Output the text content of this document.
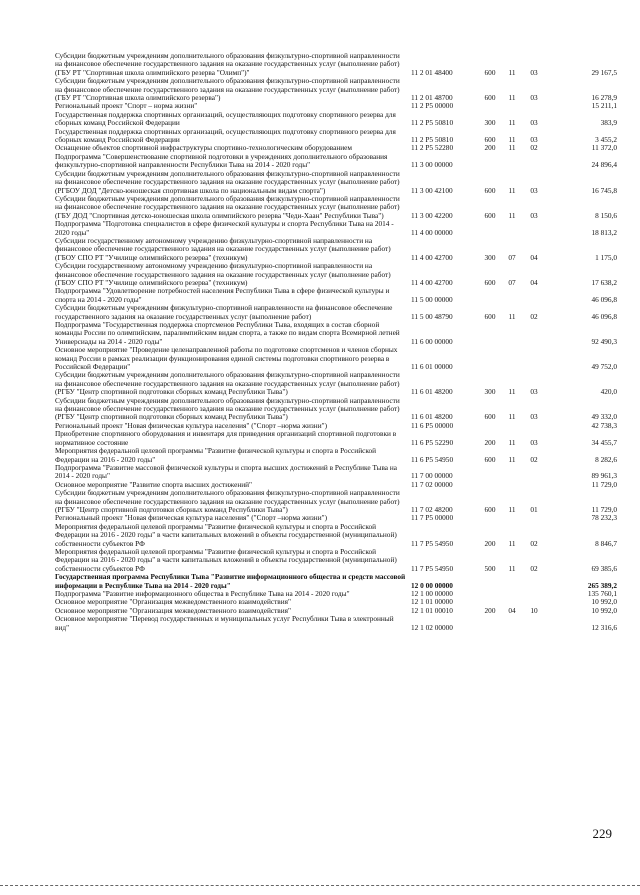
Субсидии бюджетным учреждениям дополнительного образования физкультурно-спортивной направленности на финансовое обеспечение государственного задания на оказание государственных услуг (выполнение работ) (ГБУ РТ "Спортивная школа олимпийского резерва "Олимп")"	11 2 01 48400	600	11	03	29 167,5
Субсидии бюджетным учреждениям дополнительного образования физкультурно-спортивной направленности на финансовое обеспечение государственного задания на оказание государственных услуг (выполнение работ) (ГБУ РТ "Спортивная школа олимпийского резерва")	11 2 01 48700	600	11	03	16 278,9
Региональный проект "Спорт – норма жизни"	11 2 P5 00000				15 211,1
Государственная поддержка спортивных организаций, осуществляющих подготовку спортивного резерва для сборных команд Российской Федерации	11 2 P5 50810	300	11	03	383,9
Государственная поддержка спортивных организаций, осуществляющих подготовку спортивного резерва для сборных команд Российской Федерации	11 2 P5 50810	600	11	03	3 455,2
Оснащение объектов спортивной инфраструктуры спортивно-технологическим оборудованием	11 2 P5 52280	200	11	02	11 372,0
Подпрограмма "Совершенствование спортивной подготовки в учреждениях дополнительного образования физкультурно-спортивной направленности Республики Тыва на 2014 - 2020 годы"	11 3 00 00000				24 896,4
Субсидии бюджетным учреждениям дополнительного образования физкультурно-спортивной направленности на финансовое обеспечение государственного задания на оказание государственных услуг (выполнение работ) (РГБОУ ДОД "Детско-юношеская спортивная школа по национальным видам спорта")	11 3 00 42100	600	11	03	16 745,8
Субсидии бюджетным учреждениям дополнительного образования физкультурно-спортивной направленности на финансовое обеспечение государственного задания на оказание государственных услуг (выполнение работ) (ГБУ ДОД "Спортивная детско-юношеская школа олимпийского резерва "Чеди-Хаан" Республики Тыва")	11 3 00 42200	600	11	03	8 150,6
Подпрограмма "Подготовка специалистов в сфере физической культуры и спорта Республики Тыва на 2014 - 2020 годы"	11 4 00 00000				18 813,2
Субсидии государственному автономному учреждению физкультурно-спортивной направленности на финансовое обеспечение государственного задания на оказание государственных услуг (выполнение работ) (ГБОУ СПО РТ "Училище олимпийского резерва" (техникум)	11 4 00 42700	300	07	04	1 175,0
Субсидии государственному автономному учреждению физкультурно-спортивной направленности на финансовое обеспечение государственного задания на оказание государственных услуг (выполнение работ) (ГБОУ СПО РТ "Училище олимпийского резерва" (техникум)	11 4 00 42700	600	07	04	17 638,2
Подпрограмма "Удовлетворение потребностей населения Республики Тыва в сфере физической культуры и спорта на 2014 - 2020 годы"	11 5 00 00000				46 096,8
Субсидии бюджетным учреждениям физкультурно-спортивной направленности на финансовое обеспечение государственного задания на оказание государственных услуг (выполнение работ)	11 5 00 48790	600	11	02	46 096,8
Подпрограмма "Государственная поддержка спортсменов Республики Тыва, входящих в состав сборной команды России по олимпийским, паралимпийским видам спорта, а также по видам спорта Всемирной летней Универсиады на 2014 - 2020 годы"	11 6 00 00000				92 490,3
Основное мероприятие "Проведение целенаправленной работы по подготовке спортсменов и членов сборных команд России в рамках реализации функционирования единой системы подготовки спортивного резерва в Российской Федерации"	11 6 01 00000				49 752,0
Субсидии бюджетным учреждениям дополнительного образования физкультурно-спортивной направленности на финансовое обеспечение государственного задания на оказание государственных услуг (выполнение работ) (РГБУ "Центр спортивной подготовки сборных команд Республики Тыва")	11 6 01 48200	300	11	03	420,0
Субсидии бюджетным учреждениям дополнительного образования физкультурно-спортивной направленности на финансовое обеспечение государственного задания на оказание государственных услуг (выполнение работ) (РГБУ "Центр спортивной подготовки сборных команд Республики Тыва")	11 6 01 48200	600	11	03	49 332,0
Региональный проект "Новая физическая культура населения" ("Спорт –норма жизни")	11 6 P5 00000				42 738,3
Приобретение спортивного оборудования и инвентаря для приведения организаций спортивной подготовки в нормативное состояние	11 6 P5 52290	200	11	03	34 455,7
Мероприятия федеральной целевой программы "Развитие физической культуры и спорта в Российской Федерации на 2016 - 2020 годы"	11 6 P5 54950	600	11	02	8 282,6
Подпрограмма "Развитие массовой физической культуры и спорта высших достижений в Республике Тыва на 2014 - 2020 годы"	11 7 00 00000				89 961,3
Основное мероприятие "Развитие спорта высших достижений"	11 7 02 00000				11 729,0
Субсидии бюджетным учреждениям дополнительного образования физкультурно-спортивной направленности на финансовое обеспечение государственного задания на оказание государственных услуг (выполнение работ) (РГБУ "Центр спортивной подготовки сборных команд Республики Тыва")	11 7 02 48200	600	11	01	11 729,0
Региональный проект "Новая физическая культура населения" ("Спорт –норма жизни")	11 7 P5 00000				78 232,3
Мероприятия федеральной целевой программы "Развитие физической культуры и спорта в Российской Федерации на 2016 - 2020 годы" в части капитальных вложений в объекты государственной (муниципальной) собственности субъектов РФ	11 7 P5 54950	200	11	02	8 846,7
Мероприятия федеральной целевой программы "Развитие физической культуры и спорта в Российской Федерации на 2016 - 2020 годы" в части капитальных вложений в объекты государственной (муниципальной) собственности субъектов РФ	11 7 P5 54950	500	11	02	69 385,6
Государственная программа Республики Тыва "Развитие информационного общества и средств массовой информации в Республике Тыва на 2014 - 2020 годы"	12 0 00 00000				265 389,2
Подпрограмма "Развитие информационного общества в Республике Тыва на 2014 - 2020 годы"	12 1 00 00000				135 760,1
Основное мероприятие "Организация межведомственного взаимодействия"	12 1 01 00000				10 992,0
Основное мероприятие "Организация межведомственного взаимодействия"	12 1 01 00010	200	04	10	10 992,0
Основное мероприятие "Перевод государственных и муниципальных услуг Республики Тыва в электронный вид"	12 1 02 00000				12 316,6
229
